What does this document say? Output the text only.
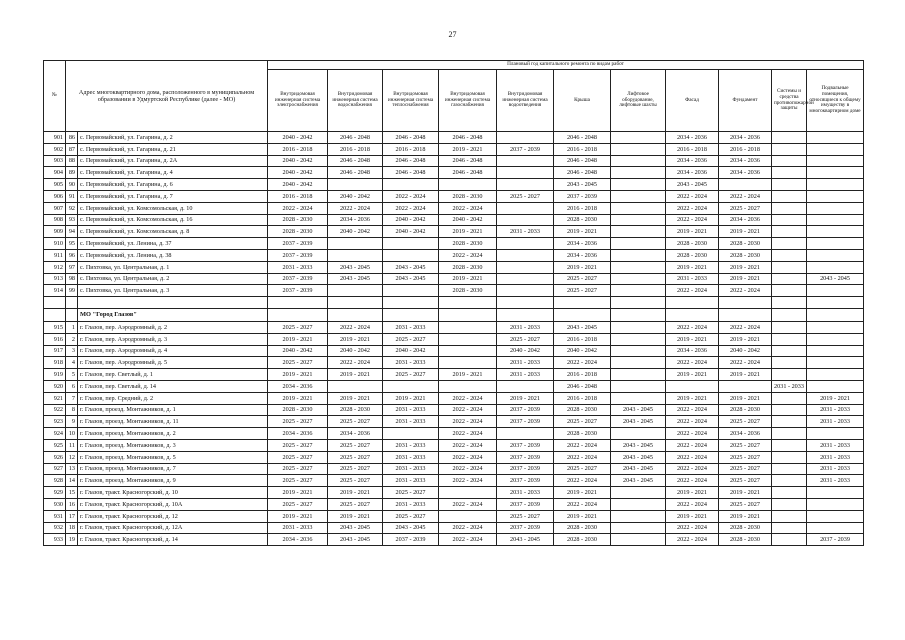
27
№	Адрес многоквартирного дома, расположенного в муниципальном образовании в Удмуртской Республике (далее - МО)		Плановый год капитального ремонта по видам работ										
			Внутридомовая инженерная система электроснабжения	Внутридомовая инженерная система водоснабжения	Внутридомовая инженерная система теплоснабжения	Внутридомовая инженерная система газоснабжения	Внутридомовая инженерная система водоотведения	Крыша	Лифтовое оборудование, лифтовые шахты	Фасад	Фундамент	Системы и средства противопожарной защиты	Подвальные помещения, относящиеся к общему имуществу в многоквартирном доме
901	86	с. Первомайский, ул. Гагарина, д. 2	2040 - 2042	2046 - 2048	2046 - 2048	2046 - 2048		2046 - 2048		2034 - 2036	2034 - 2036		
902	87	с. Первомайский, ул. Гагарина, д. 21	2016 - 2018	2016 - 2018	2016 - 2018	2019 - 2021	2037 - 2039	2016 - 2018		2016 - 2018	2016 - 2018		
903	88	с. Первомайский, ул. Гагарина, д. 2А	2040 - 2042	2046 - 2048	2046 - 2048	2046 - 2048		2046 - 2048		2034 - 2036	2034 - 2036		
904	89	с. Первомайский, ул. Гагарина, д. 4	2040 - 2042	2046 - 2048	2046 - 2048	2046 - 2048		2046 - 2048		2034 - 2036	2034 - 2036		
905	90	с. Первомайский, ул. Гагарина, д. 6	2040 - 2042					2043 - 2045		2043 - 2045			
906	91	с. Первомайский, ул. Гагарина, д. 7	2016 - 2018	2040 - 2042	2022 - 2024	2028 - 2030	2025 - 2027	2037 - 2039		2022 - 2024	2022 - 2024		
907	92	с. Первомайский, ул. Комсомольская, д. 10	2022 - 2024	2022 - 2024	2022 - 2024	2022 - 2024		2016 - 2018		2022 - 2024	2025 - 2027		
908	93	с. Первомайский, ул. Комсомольская, д. 16	2028 - 2030	2034 - 2036	2040 - 2042	2040 - 2042		2028 - 2030		2022 - 2024	2034 - 2036		
909	94	с. Первомайский, ул. Комсомольская, д. 8	2028 - 2030	2040 - 2042	2040 - 2042	2019 - 2021	2031 - 2033	2019 - 2021		2019 - 2021	2019 - 2021		
910	95	с. Первомайский, ул. Ленина, д. 37	2037 - 2039			2028 - 2030		2034 - 2036		2028 - 2030	2028 - 2030		
911	96	с. Первомайский, ул. Ленина, д. 38	2037 - 2039			2022 - 2024		2034 - 2036		2028 - 2030	2028 - 2030		
912	97	с. Пихтовка, ул. Центральная, д. 1	2031 - 2033	2043 - 2045	2043 - 2045	2028 - 2030		2019 - 2021		2019 - 2021	2019 - 2021		
913	98	с. Пихтовка, ул. Центральная, д. 2	2037 - 2039	2043 - 2045	2043 - 2045	2019 - 2021		2025 - 2027		2031 - 2033	2019 - 2021		2043 - 2045
914	99	с. Пихтовка, ул. Центральная, д. 3	2037 - 2039			2028 - 2030		2025 - 2027		2022 - 2024	2022 - 2024		

		МО "Город Глазов"											
915	1	г. Глазов, пер. Аэродромный, д. 2	2025 - 2027	2022 - 2024	2031 - 2033		2031 - 2033	2043 - 2045		2022 - 2024	2022 - 2024		
916	2	г. Глазов, пер. Аэродромный, д. 3	2019 - 2021	2019 - 2021	2025 - 2027		2025 - 2027	2016 - 2018		2019 - 2021	2019 - 2021		
917	3	г. Глазов, пер. Аэродромный, д. 4	2040 - 2042	2040 - 2042	2040 - 2042		2040 - 2042	2040 - 2042		2034 - 2036	2040 - 2042		
918	4	г. Глазов, пер. Аэродромный, д. 5	2025 - 2027	2022 - 2024	2031 - 2033		2031 - 2033	2022 - 2024		2022 - 2024	2022 - 2024		
919	5	г. Глазов, пер. Светлый, д. 1	2019 - 2021	2019 - 2021	2025 - 2027	2019 - 2021	2031 - 2033	2016 - 2018		2019 - 2021	2019 - 2021		
920	6	г. Глазов, пер. Светлый, д. 14	2034 - 2036					2046 - 2048				2031 - 2033	
921	7	г. Глазов, пер. Средний, д. 2	2019 - 2021	2019 - 2021	2019 - 2021	2022 - 2024	2019 - 2021	2016 - 2018		2019 - 2021	2019 - 2021		2019 - 2021
922	8	г. Глазов, проезд. Монтажников, д. 1	2028 - 2030	2028 - 2030	2031 - 2033	2022 - 2024	2037 - 2039	2028 - 2030	2043 - 2045	2022 - 2024	2028 - 2030		2031 - 2033
923	9	г. Глазов, проезд. Монтажников, д. 11	2025 - 2027	2025 - 2027	2031 - 2033	2022 - 2024	2037 - 2039	2025 - 2027	2043 - 2045	2022 - 2024	2025 - 2027		2031 - 2033
924	10	г. Глазов, проезд. Монтажников, д. 2	2034 - 2036	2034 - 2036		2022 - 2024		2028 - 2030		2022 - 2024	2034 - 2036		
925	11	г. Глазов, проезд. Монтажников, д. 3	2025 - 2027	2025 - 2027	2031 - 2033	2022 - 2024	2037 - 2039	2022 - 2024	2043 - 2045	2022 - 2024	2025 - 2027		2031 - 2033
926	12	г. Глазов, проезд. Монтажников, д. 5	2025 - 2027	2025 - 2027	2031 - 2033	2022 - 2024	2037 - 2039	2022 - 2024	2043 - 2045	2022 - 2024	2025 - 2027		2031 - 2033
927	13	г. Глазов, проезд. Монтажников, д. 7	2025 - 2027	2025 - 2027	2031 - 2033	2022 - 2024	2037 - 2039	2025 - 2027	2043 - 2045	2022 - 2024	2025 - 2027		2031 - 2033
928	14	г. Глазов, проезд. Монтажников, д. 9	2025 - 2027	2025 - 2027	2031 - 2033	2022 - 2024	2037 - 2039	2022 - 2024	2043 - 2045	2022 - 2024	2025 - 2027		2031 - 2033
929	15	г. Глазов, тракт. Красногорский, д. 10	2019 - 2021	2019 - 2021	2025 - 2027		2031 - 2033	2019 - 2021		2019 - 2021	2019 - 2021		
930	16	г. Глазов, тракт. Красногорский, д. 10А	2025 - 2027	2025 - 2027	2031 - 2033	2022 - 2024	2037 - 2039	2022 - 2024		2022 - 2024	2025 - 2027		
931	17	г. Глазов, тракт. Красногорский, д. 12	2019 - 2021	2019 - 2021	2025 - 2027		2025 - 2027	2019 - 2021		2019 - 2021	2019 - 2021		
932	18	г. Глазов, тракт. Красногорский, д. 12А	2031 - 2033	2043 - 2045	2043 - 2045	2022 - 2024	2037 - 2039	2028 - 2030		2022 - 2024	2028 - 2030		
933	19	г. Глазов, тракт. Красногорский, д. 14	2034 - 2036	2043 - 2045	2037 - 2039	2022 - 2024	2043 - 2045	2028 - 2030		2022 - 2024	2028 - 2030		2037 - 2039
